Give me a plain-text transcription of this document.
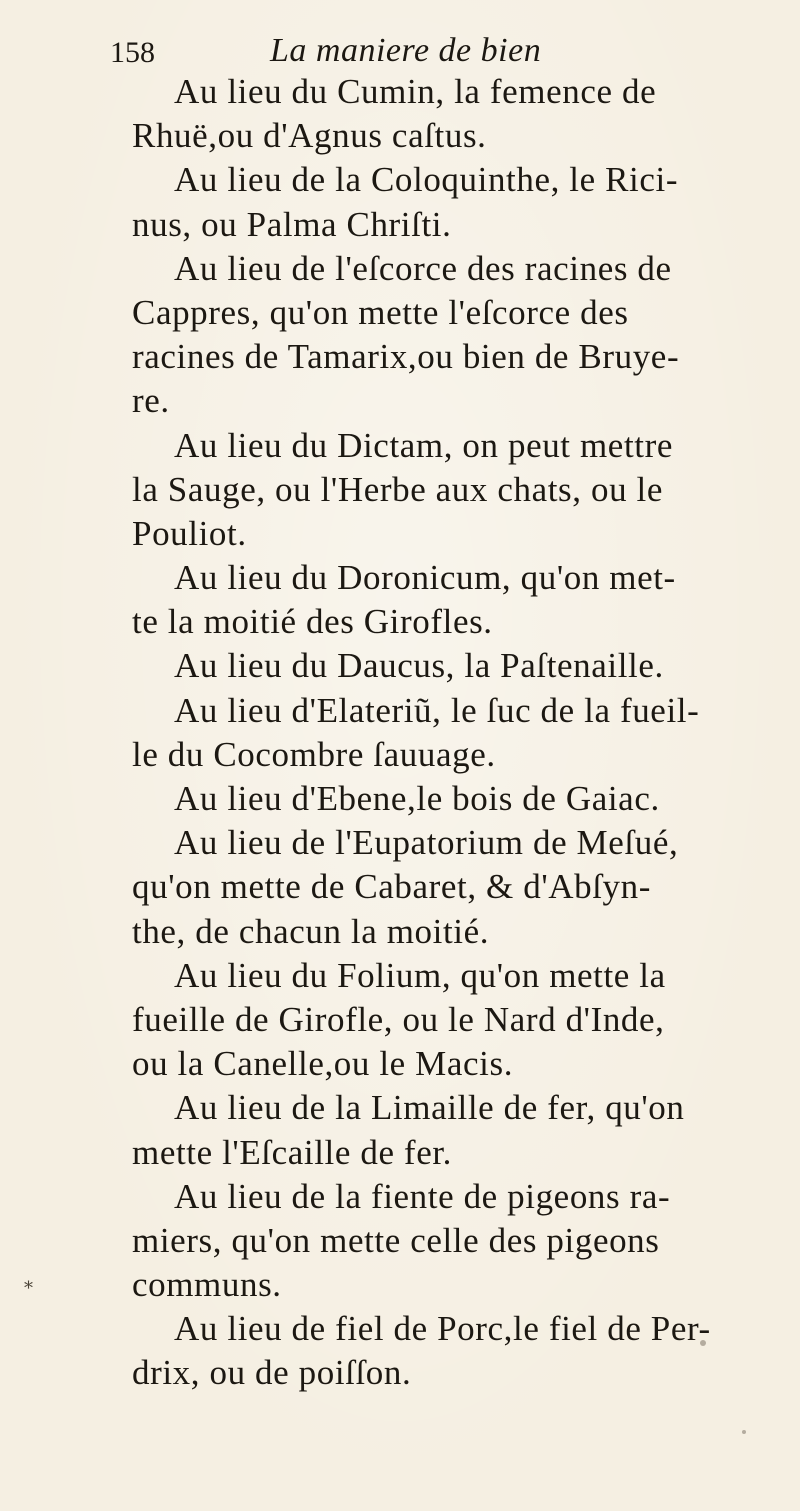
158	La maniere de bien
Au lieu du Cumin, la femence de
Rhuë,ou d'Agnus caſtus.
Au lieu de la Coloquinthe, le Rici-
nus, ou Palma Chriſti.
Au lieu de l'eſcorce des racines de
Cappres, qu'on mette l'eſcorce des
racines de Tamarix,ou bien de Bruye-
re.
Au lieu du Dictam, on peut mettre
la Sauge, ou l'Herbe aux chats, ou le
Pouliot.
Au lieu du Doronicum, qu'on met-
te la moitié des Girofles.
Au lieu du Daucus, la Paſtenaille.
Au lieu d'Elateriũ, le ſuc de la fueil-
le du Cocombre ſauuage.
Au lieu d'Ebene,le bois de Gaiac.
Au lieu de l'Eupatorium de Meſué,
qu'on mette de Cabaret, & d'Abſyn-
the, de chacun la moitié.
Au lieu du Folium, qu'on mette la
fueille de Girofle, ou le Nard d'Inde,
ou la Canelle,ou le Macis.
Au lieu de la Limaille de fer, qu'on
mette l'Eſcaille de fer.
Au lieu de la fiente de pigeons ra-
miers, qu'on mette celle des pigeons
communs.
Au lieu de fiel de Porc,le fiel de Per-
drix, ou de poiſſon.
*
